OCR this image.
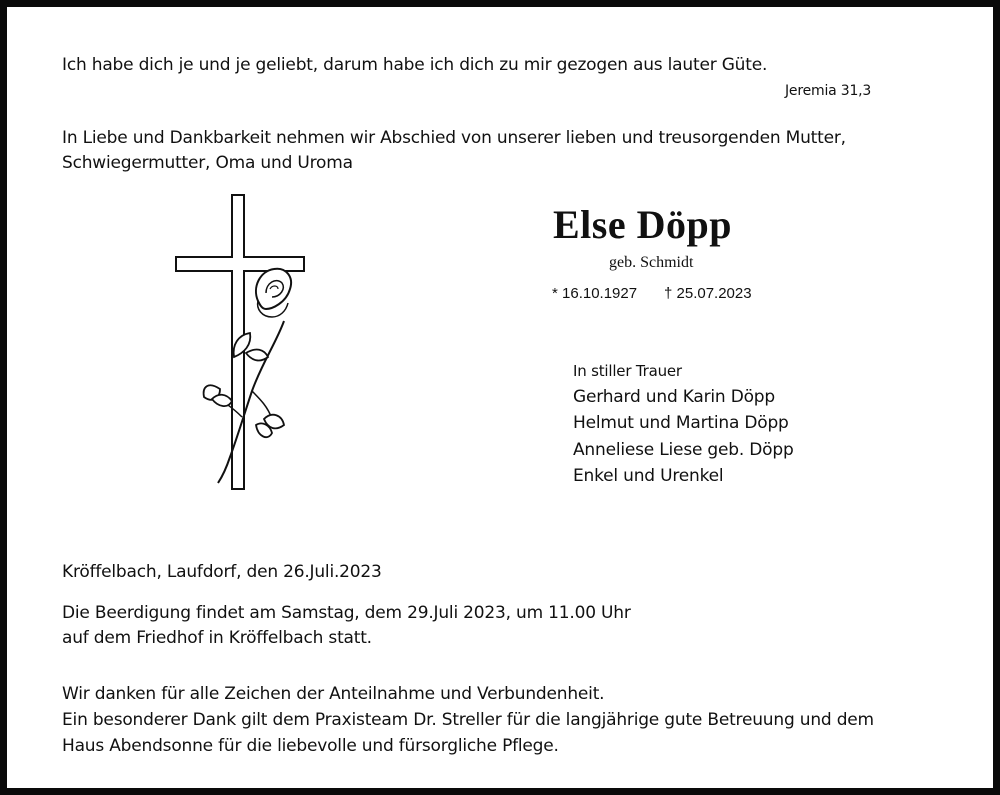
Ich habe dich je und je geliebt, darum habe ich dich zu mir gezogen aus lauter Güte.
Jeremia 31,3
In Liebe und Dankbarkeit nehmen wir Abschied von unserer lieben und treusorgenden Mutter,
Schwiegermutter, Oma und Uroma
Else Döpp
geb. Schmidt
* 16.10.1927 † 25.07.2023
In stiller Trauer
Gerhard und Karin Döpp
Helmut und Martina Döpp
Anneliese Liese geb. Döpp
Enkel und Urenkel
Kröffelbach, Laufdorf, den 26.Juli.2023
Die Beerdigung findet am Samstag, dem 29.Juli 2023, um 11.00 Uhr
auf dem Friedhof in Kröffelbach statt.
Wir danken für alle Zeichen der Anteilnahme und Verbundenheit.
Ein besonderer Dank gilt dem Praxisteam Dr. Streller für die langjährige gute Betreuung und dem
Haus Abendsonne für die liebevolle und fürsorgliche Pflege.
